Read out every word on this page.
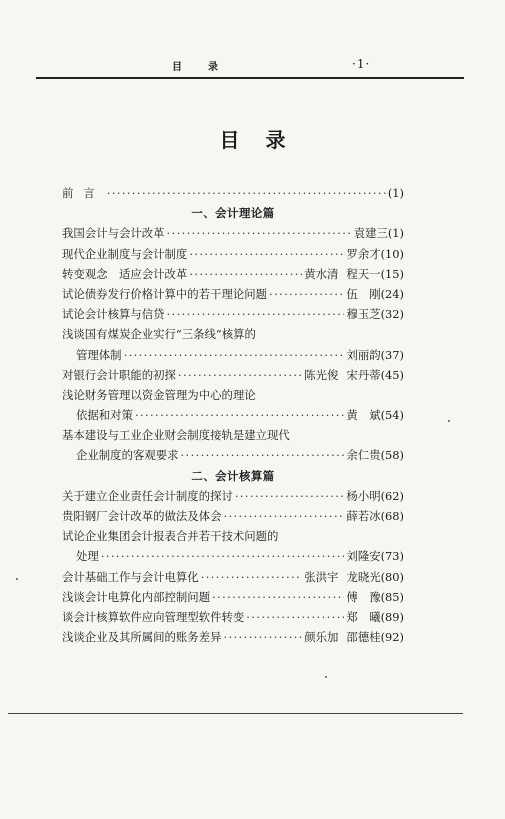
目录	·1·
目录
前言 ·····	(1)
一、会计理论篇
我国会计与会计改革 ·····	袁建三 (1)
现代企业制度与会计制度 ·····	罗余才 (10)
转变观念　适应会计改革 ·····	黄水清 程天一 (15)
试论债券发行价格计算中的若干理论问题 ·····	伍　刚 (24)
试论会计核算与信贷 ·····	穆玉芝 (32)
浅谈国有煤炭企业实行“三条线”核算的
管理体制 ·····	刘丽韵 (37)
对银行会计职能的初探 ·····	陈光俊 宋丹蒂 (45)
浅论财务管理以资金管理为中心的理论
依据和对策 ·····	黄　斌 (54)
基本建设与工业企业财会制度接轨是建立现代
企业制度的客观要求 ·····	余仁贵 (58)
二、会计核算篇
关于建立企业责任会计制度的探讨 ·····	杨小明 (62)
贵阳钢厂会计改革的做法及体会 ·····	薛若冰 (68)
试论企业集团会计报表合并若干技术问题的
处理 ·····	刘隆安 (73)
会计基础工作与会计电算化 ·····	张洪宇 龙晓光 (80)
浅谈会计电算化内部控制问题 ·····	傅　豫 (85)
谈会计核算软件应向管理型软件转变 ·····	郑　曦 (89)
浅谈企业及其所属间的账务差异 ·····	颜乐加 邵德桂 (92)
